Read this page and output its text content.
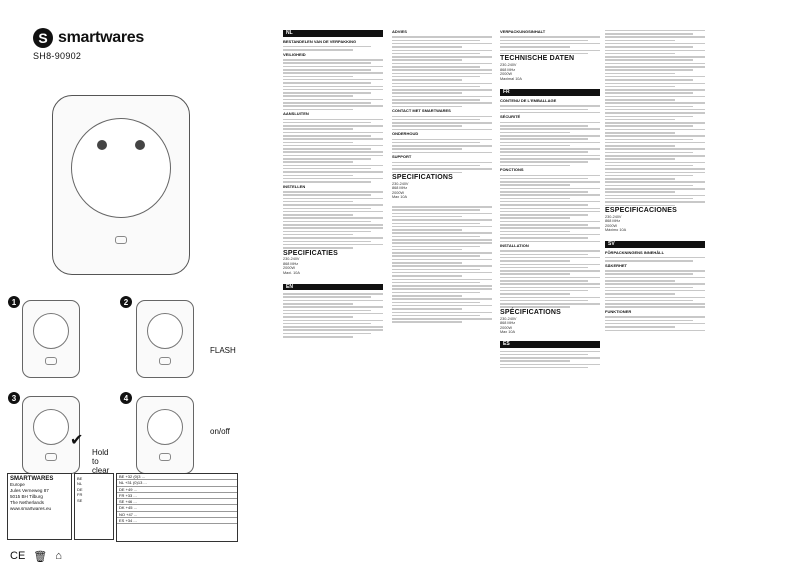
S smartwares
SH8-90902
1	2
FLASH
3	4
on/off
Hold
to
clear
✔
SMARTWARES
Europe
Jules Verneweg 87
5015 BH Tilburg
The Netherlands
www.smartwares.eu
BE
NL
DE
FR
SE
BE +32 (0)3 ...
NL +31 (0)13 ...
DE +49 ...
FR +33 ...
SE +46 ...
DK +45 ...
NO +47 ...
ES +34 ...
CE 🗑 ⌂
NL
BESTANDELEN VAN DE VERPAKKING
VEILIGHEID
AANSLUITEN
INSTELLEN
SPECIFICATIES
230-240V
868 MHz
2000W
Maxi. 10A
EN
ADVIES
CONTACT MET SMARTWARES
ONDERHOUD
SUPPORT
SPECIFICATIONS
230-240V
868 MHz
2000W
Max 10A
VERPACKUNGSINHALT
TECHNISCHE DATEN
230-240V
868 MHz
2000W
Maximal 10A
FR
CONTENU DE L'EMBALLAGE
SÉCURITÉ
FONCTIONS
INSTALLATION
SPÉCIFICATIONS
230-240V
868 MHz
2000W
Max 10A
ES
ESPECIFICACIONES
230-240V
868 MHz
2000W
Máximo 10A
SV
FÖRPACKNINGENS INNEHÅLL
SÄKERHET
FUNKTIONER
